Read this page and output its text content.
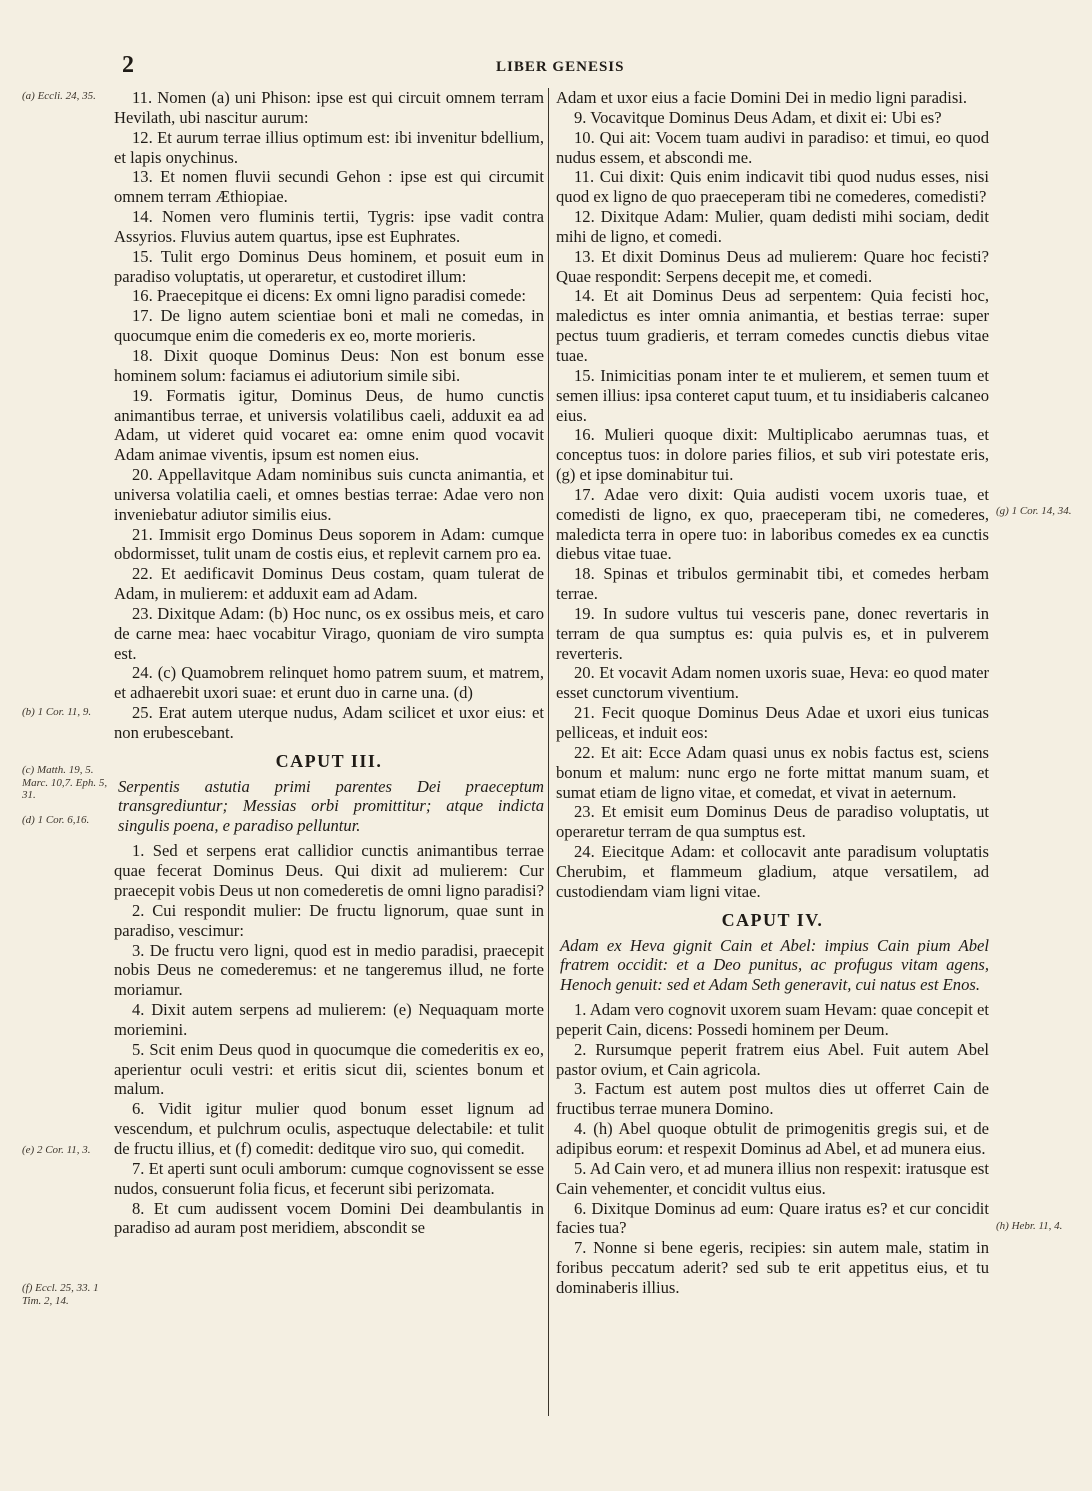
2	LIBER GENESIS
(a) Eccli. 24, 35.
(b) 1 Cor. 11, 9.
(c) Matth. 19, 5. Marc. 10,7. Eph. 5, 31.
(d) 1 Cor. 6,16.
(e) 2 Cor. 11, 3.
(f) Eccl. 25, 33. 1 Tim. 2, 14.
(g) 1 Cor. 14, 34.
(h) Hebr. 11, 4.

11. Nomen (a) uni Phison: ipse est qui circuit omnem terram Hevilath, ubi nascitur aurum:

12. Et aurum terrae illius optimum est: ibi invenitur bdellium, et lapis onychinus.

13. Et nomen fluvii secundi Gehon : ipse est qui circumit omnem terram Æthiopiae.

14. Nomen vero fluminis tertii, Tygris: ipse vadit contra Assyrios. Fluvius autem quartus, ipse est Euphrates.

15. Tulit ergo Dominus Deus hominem, et posuit eum in paradiso voluptatis, ut operaretur, et custodiret illum:

16. Praecepitque ei dicens: Ex omni ligno paradisi comede:

17. De ligno autem scientiae boni et mali ne comedas, in quocumque enim die comederis ex eo, morte morieris.

18. Dixit quoque Dominus Deus: Non est bonum esse hominem solum: faciamus ei adiutorium simile sibi.

19. Formatis igitur, Dominus Deus, de humo cunctis animantibus terrae, et universis volatilibus caeli, adduxit ea ad Adam, ut videret quid vocaret ea: omne enim quod vocavit Adam animae viventis, ipsum est nomen eius.

20. Appellavitque Adam nominibus suis cuncta animantia, et universa volatilia caeli, et omnes bestias terrae: Adae vero non inveniebatur adiutor similis eius.

21. Immisit ergo Dominus Deus soporem in Adam: cumque obdormisset, tulit unam de costis eius, et replevit carnem pro ea.

22. Et aedificavit Dominus Deus costam, quam tulerat de Adam, in mulierem: et adduxit eam ad Adam.

23. Dixitque Adam: (b) Hoc nunc, os ex ossibus meis, et caro de carne mea: haec vocabitur Virago, quoniam de viro sumpta est.

24. (c) Quamobrem relinquet homo patrem suum, et matrem, et adhaerebit uxori suae: et erunt duo in carne una. (d)

25. Erat autem uterque nudus, Adam scilicet et uxor eius: et non erubescebant.

CAPUT III.

Serpentis astutia primi parentes Dei praeceptum transgrediuntur; Messias orbi promittitur; atque indicta singulis poena, e paradiso pelluntur.

1. Sed et serpens erat callidior cunctis animantibus terrae quae fecerat Dominus Deus. Qui dixit ad mulierem: Cur praecepit vobis Deus ut non comederetis de omni ligno paradisi?

2. Cui respondit mulier: De fructu lignorum, quae sunt in paradiso, vescimur:

3. De fructu vero ligni, quod est in medio paradisi, praecepit nobis Deus ne comederemus: et ne tangeremus illud, ne forte moriamur.

4. Dixit autem serpens ad mulierem: (e) Nequaquam morte moriemini.

5. Scit enim Deus quod in quocumque die comederitis ex eo, aperientur oculi vestri: et eritis sicut dii, scientes bonum et malum.

6. Vidit igitur mulier quod bonum esset lignum ad vescendum, et pulchrum oculis, aspectuque delectabile: et tulit de fructu illius, et (f) comedit: deditque viro suo, qui comedit.

7. Et aperti sunt oculi amborum: cumque cognovissent se esse nudos, consuerunt folia ficus, et fecerunt sibi perizomata.

8. Et cum audissent vocem Domini Dei deambulantis in paradiso ad auram post meridiem, abscondit se

Adam et uxor eius a facie Domini Dei in medio ligni paradisi.

9. Vocavitque Dominus Deus Adam, et dixit ei: Ubi es?

10. Qui ait: Vocem tuam audivi in paradiso: et timui, eo quod nudus essem, et abscondi me.

11. Cui dixit: Quis enim indicavit tibi quod nudus esses, nisi quod ex ligno de quo praeceperam tibi ne comederes, comedisti?

12. Dixitque Adam: Mulier, quam dedisti mihi sociam, dedit mihi de ligno, et comedi.

13. Et dixit Dominus Deus ad mulierem: Quare hoc fecisti? Quae respondit: Serpens decepit me, et comedi.

14. Et ait Dominus Deus ad serpentem: Quia fecisti hoc, maledictus es inter omnia animantia, et bestias terrae: super pectus tuum gradieris, et terram comedes cunctis diebus vitae tuae.

15. Inimicitias ponam inter te et mulierem, et semen tuum et semen illius: ipsa conteret caput tuum, et tu insidiaberis calcaneo eius.

16. Mulieri quoque dixit: Multiplicabo aerumnas tuas, et conceptus tuos: in dolore paries filios, et sub viri potestate eris, (g) et ipse dominabitur tui.

17. Adae vero dixit: Quia audisti vocem uxoris tuae, et comedisti de ligno, ex quo, praeceperam tibi, ne comederes, maledicta terra in opere tuo: in laboribus comedes ex ea cunctis diebus vitae tuae.

18. Spinas et tribulos germinabit tibi, et comedes herbam terrae.

19. In sudore vultus tui vesceris pane, donec revertaris in terram de qua sumptus es: quia pulvis es, et in pulverem reverteris.

20. Et vocavit Adam nomen uxoris suae, Heva: eo quod mater esset cunctorum viventium.

21. Fecit quoque Dominus Deus Adae et uxori eius tunicas pelliceas, et induit eos:

22. Et ait: Ecce Adam quasi unus ex nobis factus est, sciens bonum et malum: nunc ergo ne forte mittat manum suam, et sumat etiam de ligno vitae, et comedat, et vivat in aeternum.

23. Et emisit eum Dominus Deus de paradiso voluptatis, ut operaretur terram de qua sumptus est.

24. Eiecitque Adam: et collocavit ante paradisum voluptatis Cherubim, et flammeum gladium, atque versatilem, ad custodiendam viam ligni vitae.

CAPUT IV.

Adam ex Heva gignit Cain et Abel: impius Cain pium Abel fratrem occidit: et a Deo punitus, ac profugus vitam agens, Henoch genuit: sed et Adam Seth generavit, cui natus est Enos.

1. Adam vero cognovit uxorem suam Hevam: quae concepit et peperit Cain, dicens: Possedi hominem per Deum.

2. Rursumque peperit fratrem eius Abel. Fuit autem Abel pastor ovium, et Cain agricola.

3. Factum est autem post multos dies ut offerret Cain de fructibus terrae munera Domino.

4. (h) Abel quoque obtulit de primogenitis gregis sui, et de adipibus eorum: et respexit Dominus ad Abel, et ad munera eius.

5. Ad Cain vero, et ad munera illius non respexit: iratusque est Cain vehementer, et concidit vultus eius.

6. Dixitque Dominus ad eum: Quare iratus es? et cur concidit facies tua?

7. Nonne si bene egeris, recipies: sin autem male, statim in foribus peccatum aderit? sed sub te erit appetitus eius, et tu dominaberis illius.
